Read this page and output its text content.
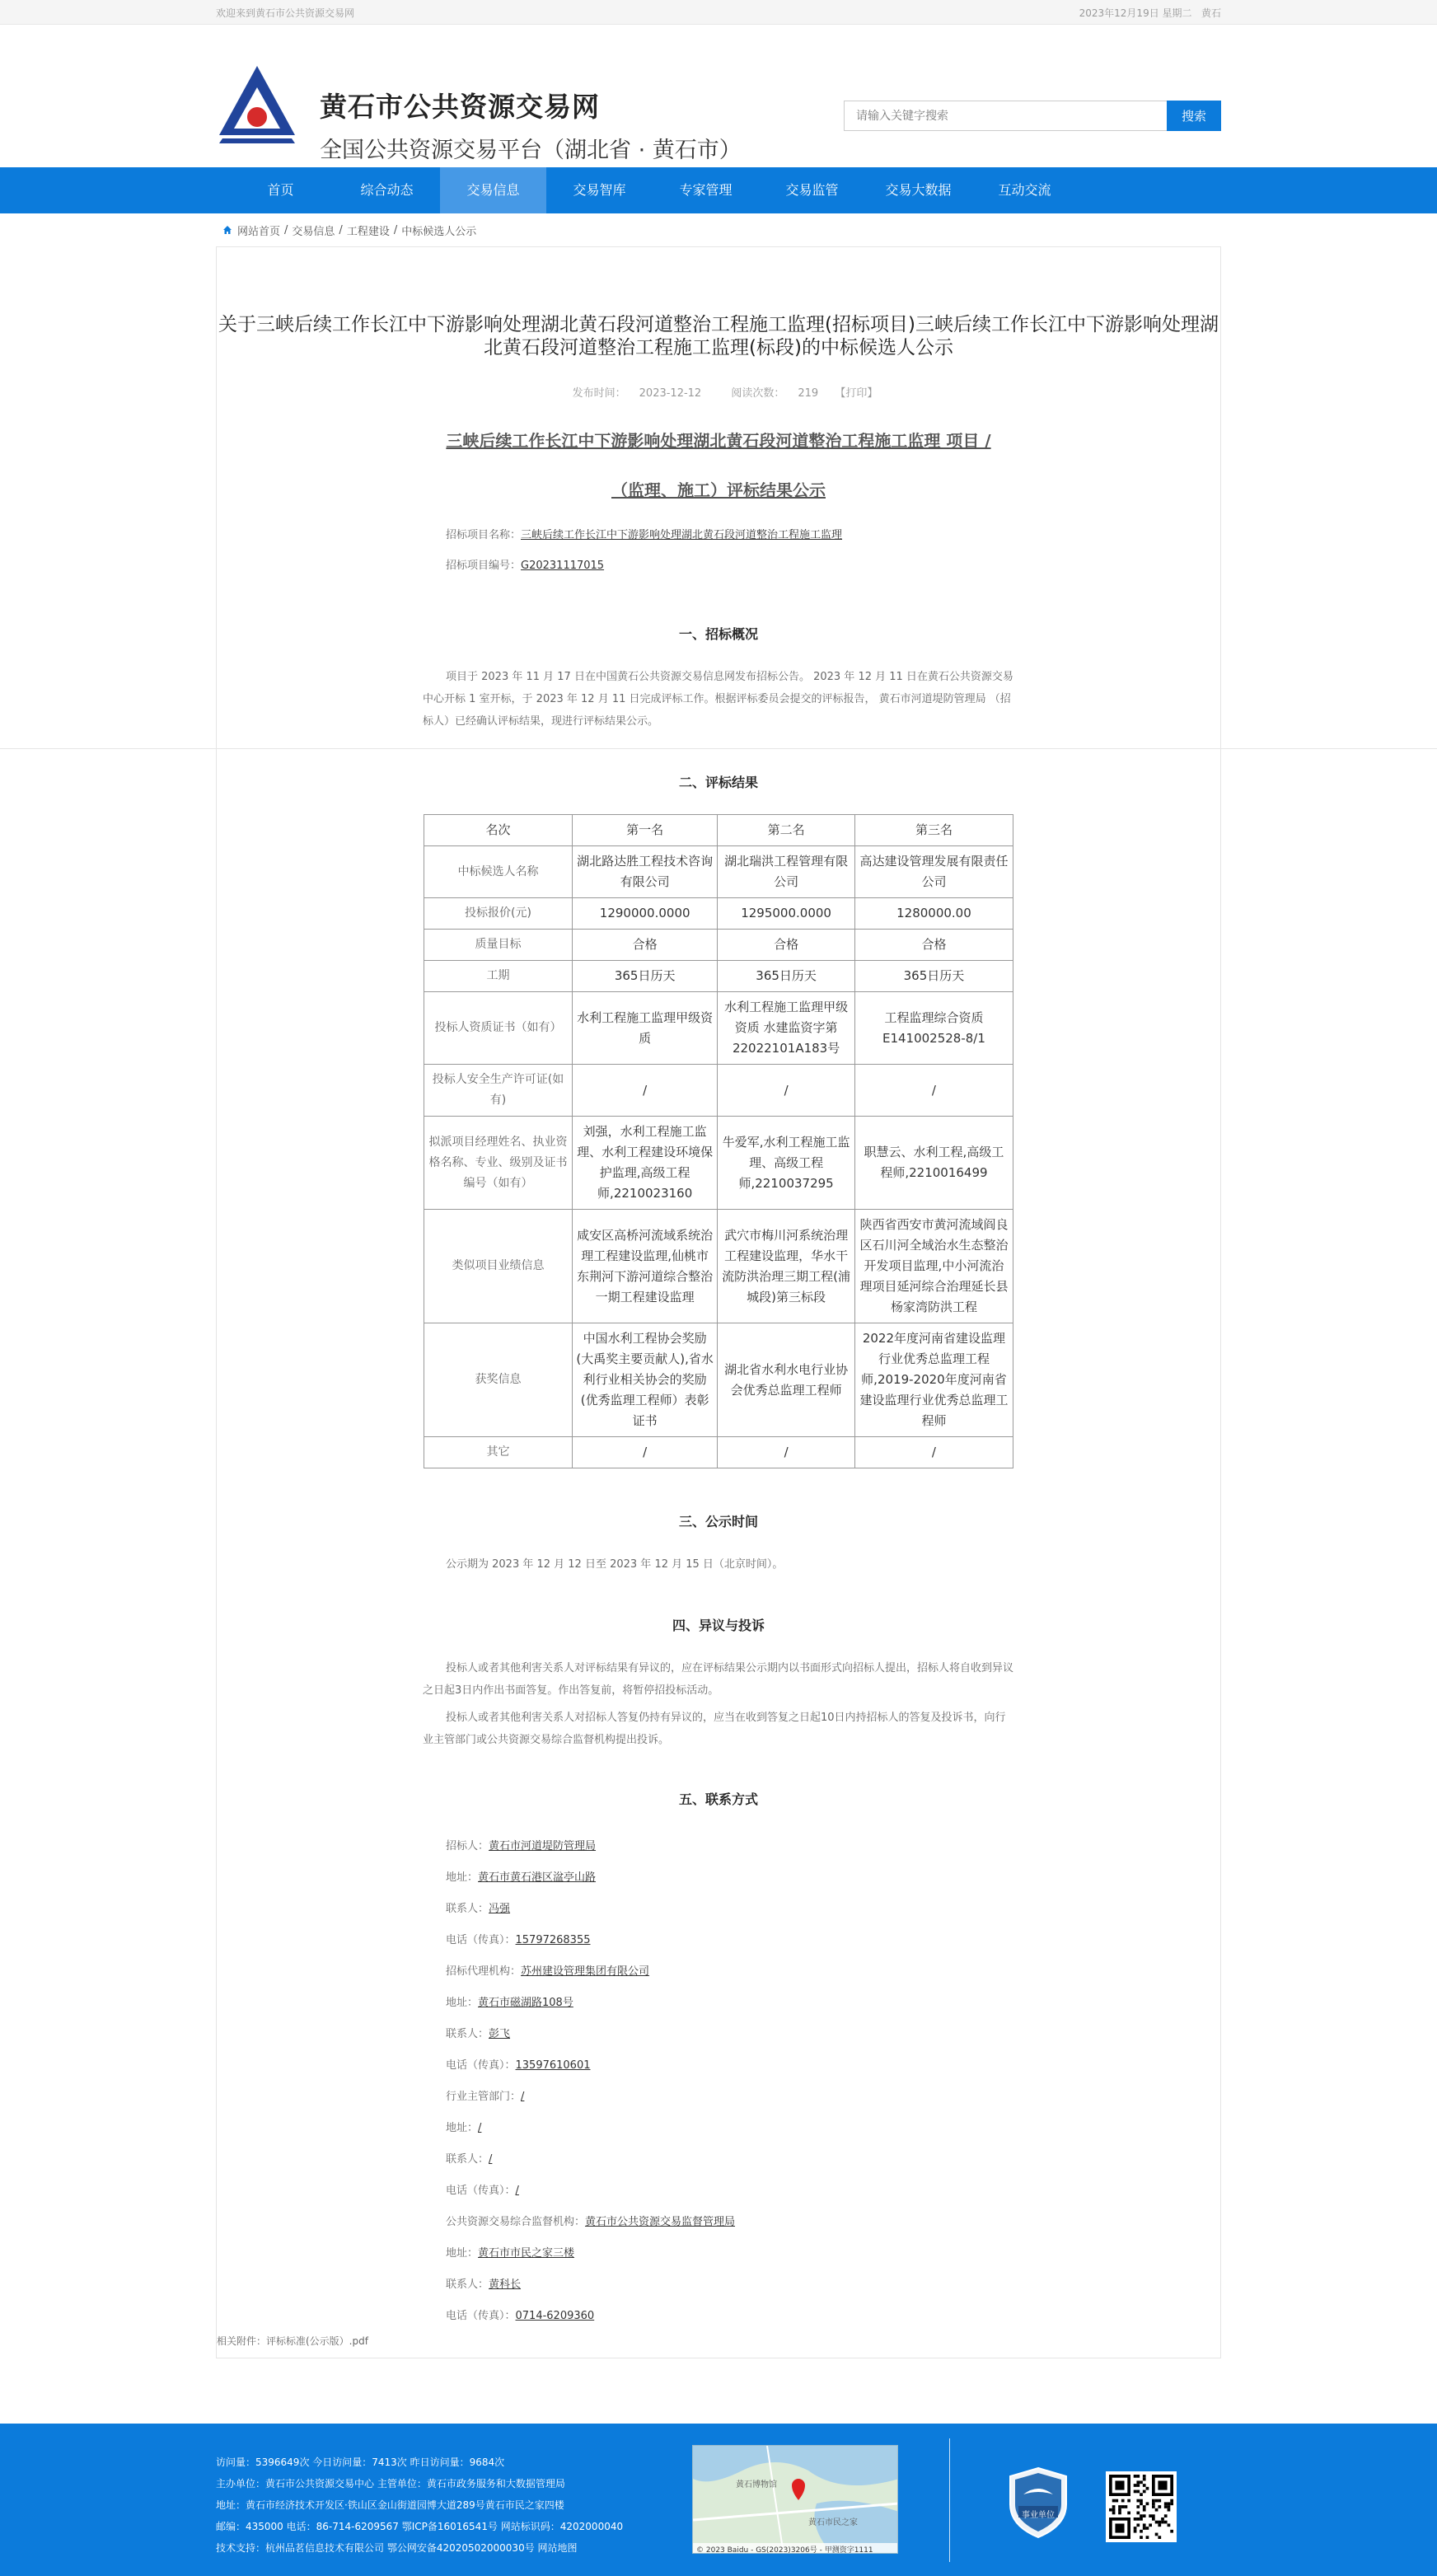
欢迎来到黄石市公共资源交易网	2023年12月19日 星期二 黄石
黄石市公共资源交易网
全国公共资源交易平台（湖北省 · 黄石市）
请输入关键字搜索
搜索
首页	综合动态	交易信息	交易智库	专家管理	交易监管	交易大数据	互动交流
网站首页 / 交易信息 / 工程建设 / 中标候选人公示
关于三峡后续工作长江中下游影响处理湖北黄石段河道整治工程施工监理(招标项目)三峡后续工作长江中下游影响处理湖北黄石段河道整治工程施工监理(标段)的中标候选人公示
发布时间： 2023-12-12	阅读次数： 219 【打印】
三峡后续工作长江中下游影响处理湖北黄石段河道整治工程施工监理 项目 /
（监理、施工）评标结果公示
招标项目名称：三峡后续工作长江中下游影响处理湖北黄石段河道整治工程施工监理
招标项目编号：G20231117015
一、招标概况

项目于 2023 年 11 月 17 日在中国黄石公共资源交易信息网发布招标公告。 2023 年 12 月 11 日在黄石公共资源交易中心开标 1 室开标，于 2023 年 12 月 11 日完成评标工作。根据评标委员会提交的评标报告， 黄石市河道堤防管理局 （招标人）已经确认评标结果，现进行评标结果公示。

二、评标结果
名次	第一名	第二名	第三名
中标候选人名称	湖北路达胜工程技术咨询有限公司	湖北瑞洪工程管理有限公司	高达建设管理发展有限责任公司
投标报价(元)	1290000.0000	1295000.0000	1280000.00
质量目标	合格	合格	合格
工期	365日历天	365日历天	365日历天
投标人资质证书（如有）	水利工程施工监理甲级资质	水利工程施工监理甲级资质 水建监资字第22022101A183号	工程监理综合资质E141002528-8/1
投标人安全生产许可证(如有)	/	/	/
拟派项目经理姓名、执业资格名称、专业、级别及证书编号（如有）	刘强，水利工程施工监理、水利工程建设环境保护监理,高级工程师,2210023160	牛爱军,水利工程施工监理、高级工程师,2210037295	职慧云、水利工程,高级工程师,2210016499
类似项目业绩信息	咸安区高桥河流域系统治理工程建设监理,仙桃市东荆河下游河道综合整治一期工程建设监理	武穴市梅川河系统治理工程建设监理，华水干流防洪治理三期工程(浦城段)第三标段	陕西省西安市黄河流域阎良区石川河全域治水生态整治开发项目监理,中小河流治理项目延河综合治理延长县杨家湾防洪工程
获奖信息	中国水利工程协会奖励(大禹奖主要贡献人),省水利行业相关协会的奖励(优秀监理工程师）表彰证书	湖北省水利水电行业协会优秀总监理工程师	2022年度河南省建设监理行业优秀总监理工程师,2019-2020年度河南省建设监理行业优秀总监理工程师
其它	/	/	/
三、公示时间

公示期为 2023 年 12 月 12 日至 2023 年 12 月 15 日（北京时间）。

四、异议与投诉

投标人或者其他利害关系人对评标结果有异议的，应在评标结果公示期内以书面形式向招标人提出，招标人将自收到异议之日起3日内作出书面答复。作出答复前，将暂停招投标活动。

投标人或者其他利害关系人对招标人答复仍持有异议的，应当在收到答复之日起10日内持招标人的答复及投诉书，向行业主管部门或公共资源交易综合监督机构提出投诉。

五、联系方式
招标人：黄石市河道堤防管理局
地址：黄石市黄石港区湓亭山路
联系人：冯强
电话（传真）：15797268355
招标代理机构：苏州建设管理集团有限公司
地址：黄石市磁湖路108号
联系人：彭飞
电话（传真）：13597610601
行业主管部门：/
地址：/
联系人：/
电话（传真）：/
公共资源交易综合监督机构：黄石市公共资源交易监督管理局
地址：黄石市市民之家三楼
联系人：黄科长
电话（传真）：0714-6209360
相关附件：评标标准(公示版）.pdf
访问量：5396649次 今日访问量：7413次 昨日访问量：9684次
主办单位：黄石市公共资源交易中心 主管单位：黄石市政务服务和大数据管理局
地址：黄石市经济技术开发区·铁山区金山街道园博大道289号黄石市民之家四楼
邮编：435000 电话：86-714-6209567 鄂ICP备16016541号 网站标识码：4202000040
技术支持：杭州品茗信息技术有限公司 鄂公网安备42020502000030号 网站地图
黄石博物馆
黄石市民之家
© 2023 Baidu - GS(2023)3206号 - 甲测资字1111
事业单位
